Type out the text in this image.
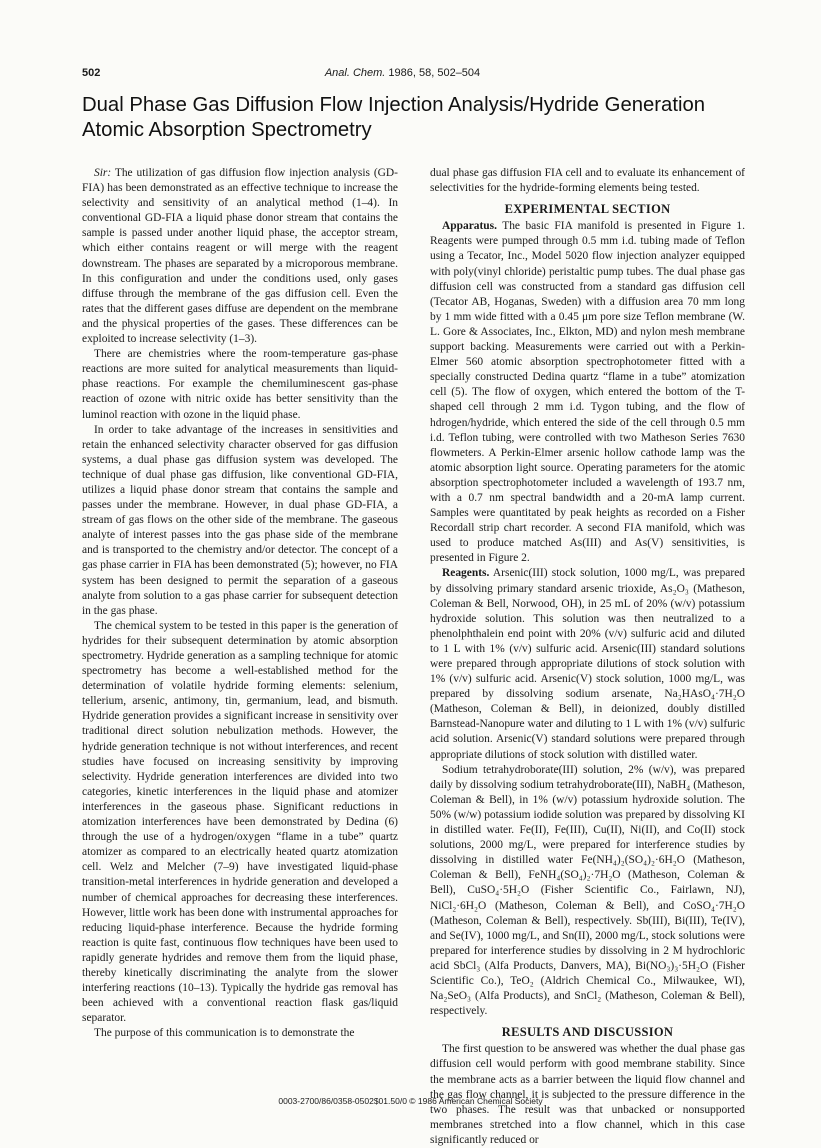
502	Anal. Chem. 1986, 58, 502–504
Dual Phase Gas Diffusion Flow Injection Analysis/Hydride Generation Atomic Absorption Spectrometry

Sir: The utilization of gas diffusion flow injection analysis (GD-FIA) has been demonstrated as an effective technique to increase the selectivity and sensitivity of an analytical method (1–4). In conventional GD-FIA a liquid phase donor stream that contains the sample is passed under another liquid phase, the acceptor stream, which either contains reagent or will merge with the reagent downstream. The phases are separated by a microporous membrane. In this configuration and under the conditions used, only gases diffuse through the membrane of the gas diffusion cell. Even the rates that the different gases diffuse are dependent on the membrane and the physical properties of the gases. These differences can be exploited to increase selectivity (1–3).

There are chemistries where the room-temperature gas-phase reactions are more suited for analytical measurements than liquid-phase reactions. For example the chemiluminescent gas-phase reaction of ozone with nitric oxide has better sensitivity than the luminol reaction with ozone in the liquid phase.

In order to take advantage of the increases in sensitivities and retain the enhanced selectivity character observed for gas diffusion systems, a dual phase gas diffusion system was developed. The technique of dual phase gas diffusion, like conventional GD-FIA, utilizes a liquid phase donor stream that contains the sample and passes under the membrane. However, in dual phase GD-FIA, a stream of gas flows on the other side of the membrane. The gaseous analyte of interest passes into the gas phase side of the membrane and is transported to the chemistry and/or detector. The concept of a gas phase carrier in FIA has been demonstrated (5); however, no FIA system has been designed to permit the separation of a gaseous analyte from solution to a gas phase carrier for subsequent detection in the gas phase.

The chemical system to be tested in this paper is the generation of hydrides for their subsequent determination by atomic absorption spectrometry. Hydride generation as a sampling technique for atomic spectrometry has become a well-established method for the determination of volatile hydride forming elements: selenium, tellerium, arsenic, antimony, tin, germanium, lead, and bismuth. Hydride generation provides a significant increase in sensitivity over traditional direct solution nebulization methods. However, the hydride generation technique is not without interferences, and recent studies have focused on increasing sensitivity by improving selectivity. Hydride generation interferences are divided into two categories, kinetic interferences in the liquid phase and atomizer interferences in the gaseous phase. Significant reductions in atomization interferences have been demonstrated by Dedina (6) through the use of a hydrogen/oxygen “flame in a tube” quartz atomizer as compared to an electrically heated quartz atomization cell. Welz and Melcher (7–9) have investigated liquid-phase transition-metal interferences in hydride generation and developed a number of chemical approaches for decreasing these interferences. However, little work has been done with instrumental approaches for reducing liquid-phase interference. Because the hydride forming reaction is quite fast, continuous flow techniques have been used to rapidly generate hydrides and remove them from the liquid phase, thereby kinetically discriminating the analyte from the slower interfering reactions (10–13). Typically the hydride gas removal has been achieved with a conventional reaction flask gas/liquid separator.

The purpose of this communication is to demonstrate the

dual phase gas diffusion FIA cell and to evaluate its enhancement of selectivities for the hydride-forming elements being tested.

EXPERIMENTAL SECTION

Apparatus. The basic FIA manifold is presented in Figure 1. Reagents were pumped through 0.5 mm i.d. tubing made of Teflon using a Tecator, Inc., Model 5020 flow injection analyzer equipped with poly(vinyl chloride) peristaltic pump tubes. The dual phase gas diffusion cell was constructed from a standard gas diffusion cell (Tecator AB, Hoganas, Sweden) with a diffusion area 70 mm long by 1 mm wide fitted with a 0.45 μm pore size Teflon membrane (W. L. Gore & Associates, Inc., Elkton, MD) and nylon mesh membrane support backing. Measurements were carried out with a Perkin-Elmer 560 atomic absorption spectrophotometer fitted with a specially constructed Dedina quartz “flame in a tube” atomization cell (5). The flow of oxygen, which entered the bottom of the T-shaped cell through 2 mm i.d. Tygon tubing, and the flow of hdrogen/hydride, which entered the side of the cell through 0.5 mm i.d. Teflon tubing, were controlled with two Matheson Series 7630 flowmeters. A Perkin-Elmer arsenic hollow cathode lamp was the atomic absorption light source. Operating parameters for the atomic absorption spectrophotometer included a wavelength of 193.7 nm, with a 0.7 nm spectral bandwidth and a 20-mA lamp current. Samples were quantitated by peak heights as recorded on a Fisher Recordall strip chart recorder. A second FIA manifold, which was used to produce matched As(III) and As(V) sensitivities, is presented in Figure 2.

Reagents. Arsenic(III) stock solution, 1000 mg/L, was prepared by dissolving primary standard arsenic trioxide, As₂O₃ (Matheson, Coleman & Bell, Norwood, OH), in 25 mL of 20% (w/v) potassium hydroxide solution. This solution was then neutralized to a phenolphthalein end point with 20% (v/v) sulfuric acid and diluted to 1 L with 1% (v/v) sulfuric acid. Arsenic(III) standard solutions were prepared through appropriate dilutions of stock solution with 1% (v/v) sulfuric acid. Arsenic(V) stock solution, 1000 mg/L, was prepared by dissolving sodium arsenate, Na₂HAsO₄·7H₂O (Matheson, Coleman & Bell), in deionized, doubly distilled Barnstead-Nanopure water and diluting to 1 L with 1% (v/v) sulfuric acid solution. Arsenic(V) standard solutions were prepared through appropriate dilutions of stock solution with distilled water.

Sodium tetrahydroborate(III) solution, 2% (w/v), was prepared daily by dissolving sodium tetrahydroborate(III), NaBH₄ (Matheson, Coleman & Bell), in 1% (w/v) potassium hydroxide solution. The 50% (w/w) potassium iodide solution was prepared by dissolving KI in distilled water. Fe(II), Fe(III), Cu(II), Ni(II), and Co(II) stock solutions, 2000 mg/L, were prepared for interference studies by dissolving in distilled water Fe(NH₄)₂(SO₄)₂·6H₂O (Matheson, Coleman & Bell), FeNH₄(SO₄)₂·7H₂O (Matheson, Coleman & Bell), CuSO₄·5H₂O (Fisher Scientific Co., Fairlawn, NJ), NiCl₂·6H₂O (Matheson, Coleman & Bell), and CoSO₄·7H₂O (Matheson, Coleman & Bell), respectively. Sb(III), Bi(III), Te(IV), and Se(IV), 1000 mg/L, and Sn(II), 2000 mg/L, stock solutions were prepared for interference studies by dissolving in 2 M hydrochloric acid SbCl₃ (Alfa Products, Danvers, MA), Bi(NO₃)₃·5H₂O (Fisher Scientific Co.), TeO₂ (Aldrich Chemical Co., Milwaukee, WI), Na₂SeO₃ (Alfa Products), and SnCl₂ (Matheson, Coleman & Bell), respectively.

RESULTS AND DISCUSSION

The first question to be answered was whether the dual phase gas diffusion cell would perform with good membrane stability. Since the membrane acts as a barrier between the liquid flow channel and the gas flow channel, it is subjected to the pressure difference in the two phases. The result was that unbacked or nonsupported membranes stretched into a flow channel, which in this case significantly reduced or

0003-2700/86/0358-0502$01.50/0 © 1986 American Chemical Society
